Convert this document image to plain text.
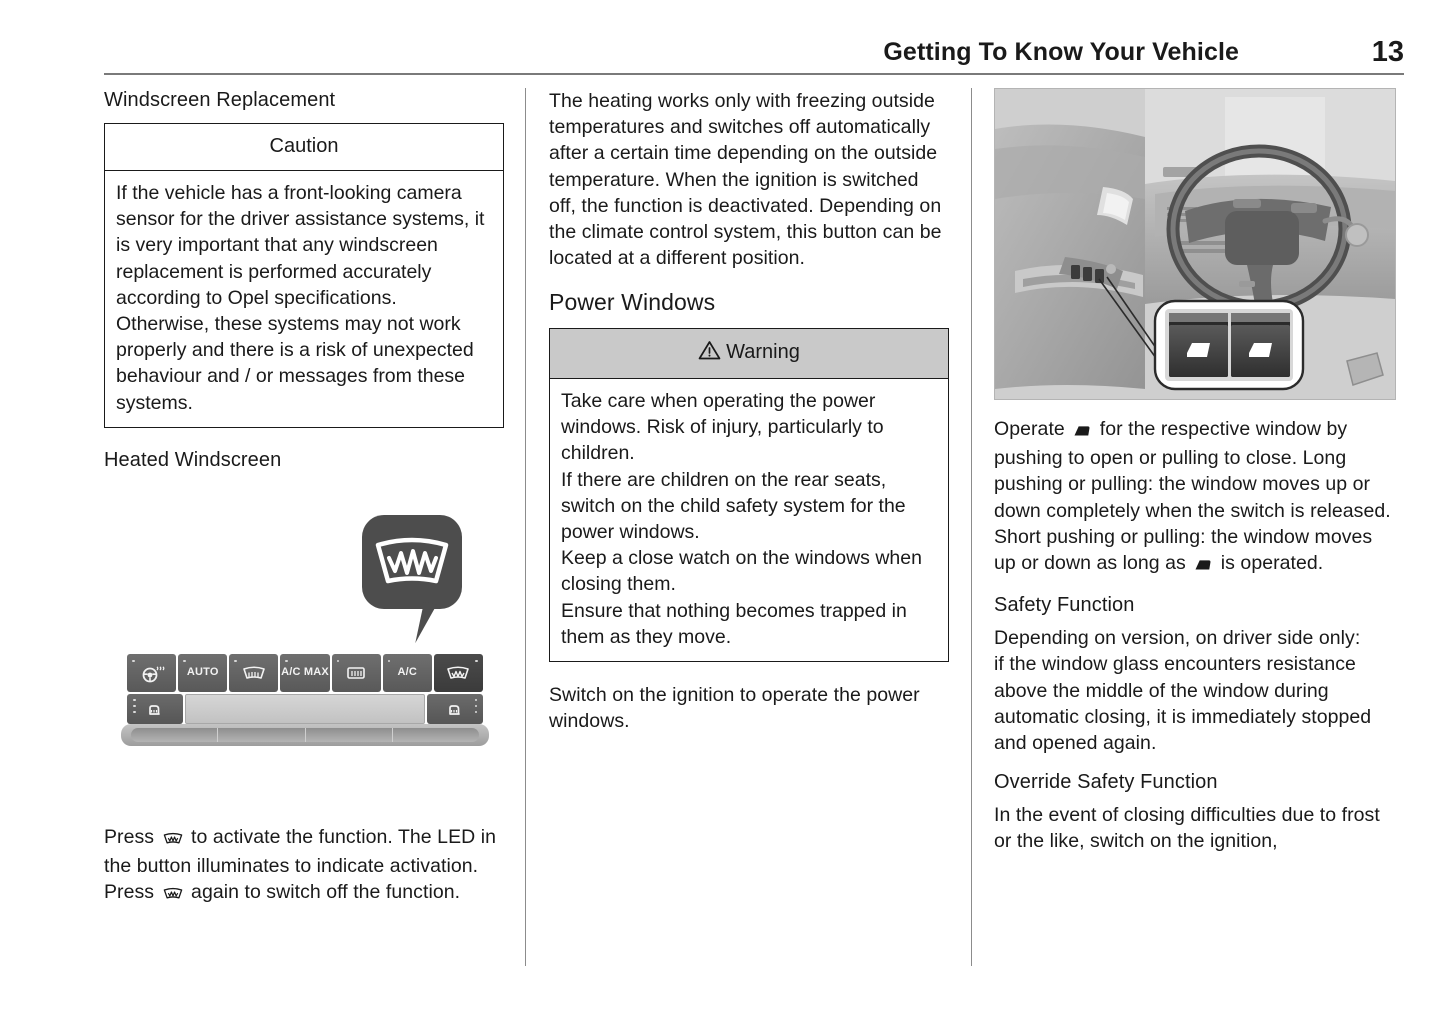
Getting To Know Your Vehicle	13
Windscreen Replacement
Caution
If the vehicle has a front-looking camera sensor for the driver assistance systems, it is very important that any windscreen replacement is performed accurately according to Opel specifications. Otherwise, these systems may not work properly and there is a risk of unexpected behaviour and / or messages from these systems.
Heated Windscreen
AUTO	A/C MAX	A/C

Press to activate the function. The LED in the button illuminates to indicate activation. Press again to switch off the function.

The heating works only with freezing outside temperatures and switches off automatically after a certain time depending on the outside temperature. When the ignition is switched off, the function is deactivated. Depending on the climate control system, this button can be located at a different position.

Power Windows
Warning
Take care when operating the power windows. Risk of injury, particularly to children.
If there are children on the rear seats, switch on the child safety system for the power windows.
Keep a close watch on the windows when closing them.
Ensure that nothing becomes trapped in them as they move.

Switch on the ignition to operate the power windows.

Operate for the respective window by pushing to open or pulling to close. Long pushing or pulling: the window moves up or down completely when the switch is released. Short pushing or pulling: the window moves up or down as long as is operated.

Safety Function

Depending on version, on driver side only:

if the window glass encounters resistance above the middle of the window during automatic closing, it is immediately stopped and opened again.

Override Safety Function

In the event of closing difficulties due to frost or the like, switch on the ignition,
